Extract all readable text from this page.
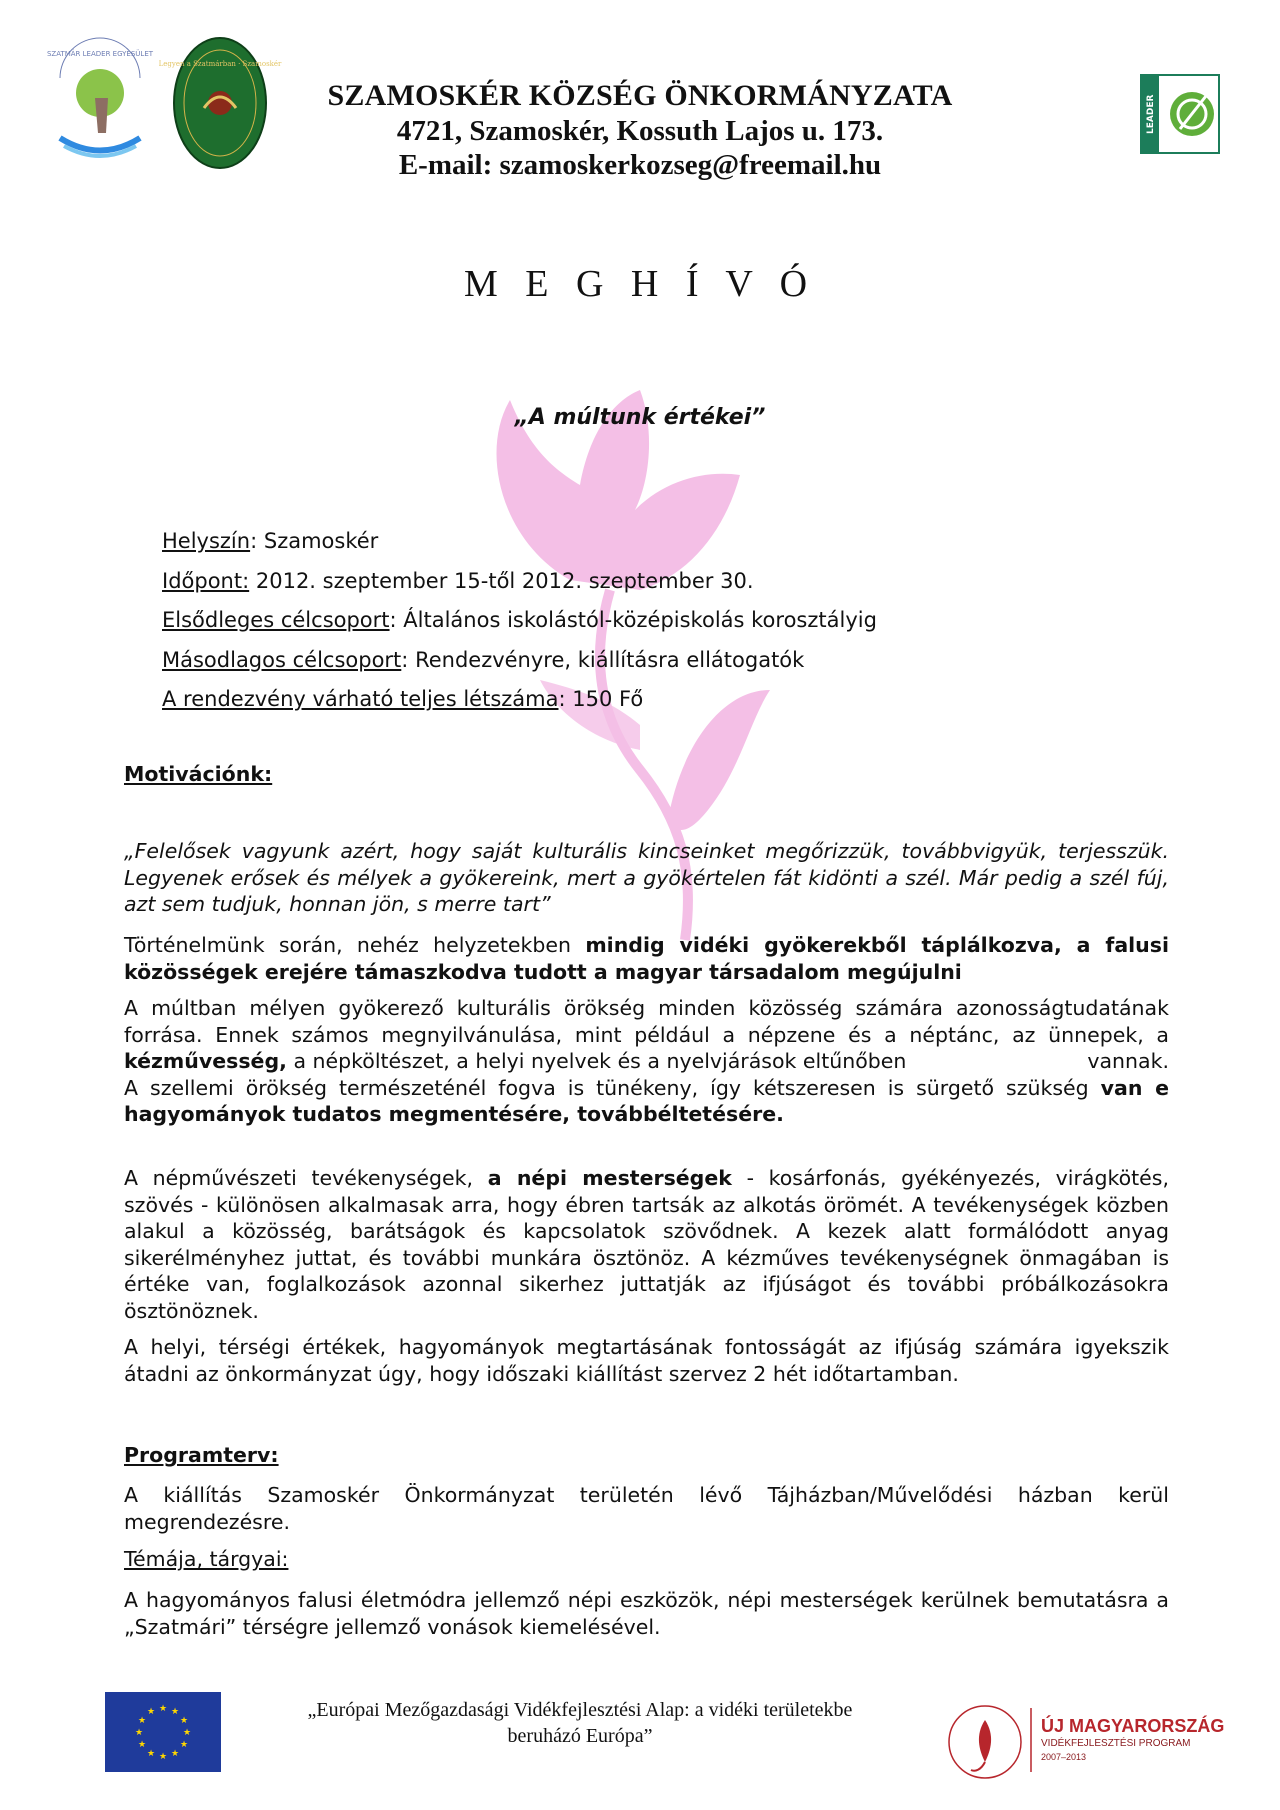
SZATMÁR LEADER EGYESÜLET
Legyen a Szatmárban · Szamoskér
SZAMOSKÉR KÖZSÉG ÖNKORMÁNYZATA
4721, Szamoskér, Kossuth Lajos u. 173.
E-mail: szamoskerkozseg@freemail.hu
LEADER
M E G H Í V Ó
„A múltunk értékei”
Helyszín: Szamoskér
Időpont: 2012. szeptember 15-től 2012. szeptember 30.
Elsődleges célcsoport: Általános iskolástól-középiskolás korosztályig
Másodlagos célcsoport: Rendezvényre, kiállításra ellátogatók
A rendezvény várható teljes létszáma: 150 Fő
Motivációnk:
„Felelősek vagyunk azért, hogy saját kulturális kincseinket megőrizzük, továbbvigyük, terjesszük. Legyenek erősek és mélyek a gyökereink, mert a gyökértelen fát kidönti a szél. Már pedig a szél fúj, azt sem tudjuk, honnan jön, s merre tart”
Történelmünk során, nehéz helyzetekben mindig vidéki gyökerekből táplálkozva, a falusi közösségek erejére támaszkodva tudott a magyar társadalom megújulni
A múltban mélyen gyökerező kulturális örökség minden közösség számára azonosságtudatának forrása. Ennek számos megnyilvánulása, mint például a népzene és a néptánc, az ünnepek, a kézművesség, a népköltészet, a helyi nyelvek és a nyelvjárások eltűnőben	vannak.

A szellemi örökség természeténél fogva is tünékeny, így kétszeresen is sürgető szükség van e hagyományok tudatos megmentésére, továbbéltetésére.
A népművészeti tevékenységek, a népi mesterségek - kosárfonás, gyékényezés, virágkötés, szövés - különösen alkalmasak arra, hogy ébren tartsák az alkotás örömét. A tevékenységek közben alakul a közösség, barátságok és kapcsolatok szövődnek. A kezek alatt formálódott anyag sikerélményhez juttat, és további munkára ösztönöz. A kézműves tevékenységnek önmagában is értéke van, foglalkozások azonnal sikerhez juttatják az ifjúságot és további próbálkozásokra ösztönöznek.
A helyi, térségi értékek, hagyományok megtartásának fontosságát az ifjúság számára igyekszik átadni az önkormányzat úgy, hogy időszaki kiállítást szervez 2 hét időtartamban.
Programterv:
A kiállítás Szamoskér Önkormányzat területén lévő Tájházban/Művelődési házban kerül megrendezésre.
Témája, tárgyai:
A hagyományos falusi életmódra jellemző népi eszközök, népi mesterségek kerülnek bemutatásra a „Szatmári” térségre jellemző vonások kiemelésével.
★ ★
★
★
★
★
★
★
★
★
★
★	„Európai Mezőgazdasági Vidékfejlesztési Alap: a vidéki területekbe
beruházó Európa”	ÚJ MAGYARORSZÁG
VIDÉKFEJLESZTÉSI PROGRAM
2007–2013
